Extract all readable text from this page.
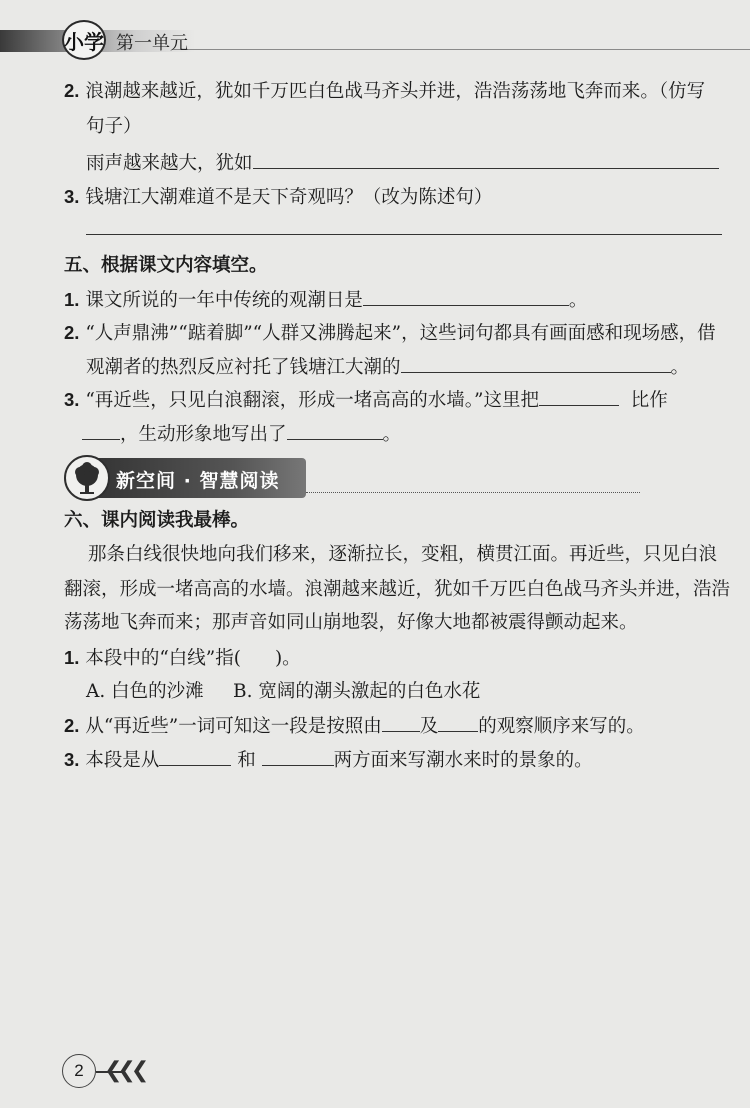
小学 第一单元
2. 浪潮越来越近，犹如千万匹白色战马齐头并进，浩浩荡荡地飞奔而来。（仿写
句子）
雨声越来越大，犹如
3. 钱塘江大潮难道不是天下奇观吗？（改为陈述句）
五、根据课文内容填空。
1. 课文所说的一年中传统的观潮日是	。
2. “人声鼎沸”“踮着脚”“人群又沸腾起来”，这些词句都具有画面感和现场感，借
观潮者的热烈反应衬托了钱塘江大潮的	。
3. “再近些，只见白浪翻滚，形成一堵高高的水墙。”这里把	比作
，生动形象地写出了	。
新空间 · 智慧阅读
六、课内阅读我最棒。
那条白线很快地向我们移来，逐渐拉长，变粗，横贯江面。再近些，只见白浪
翻滚，形成一堵高高的水墙。浪潮越来越近，犹如千万匹白色战马齐头并进，浩浩
荡荡地飞奔而来；那声音如同山崩地裂，好像大地都被震得颤动起来。
1. 本段中的“白线”指( )。
A. 白色的沙滩 B. 宽阔的潮头激起的白色水花
2. 从“再近些”一词可知这一段是按照由 及 的观察顺序来写的。
3. 本段是从	和	两方面来写潮水来时的景象的。
2 ❮❮❮
